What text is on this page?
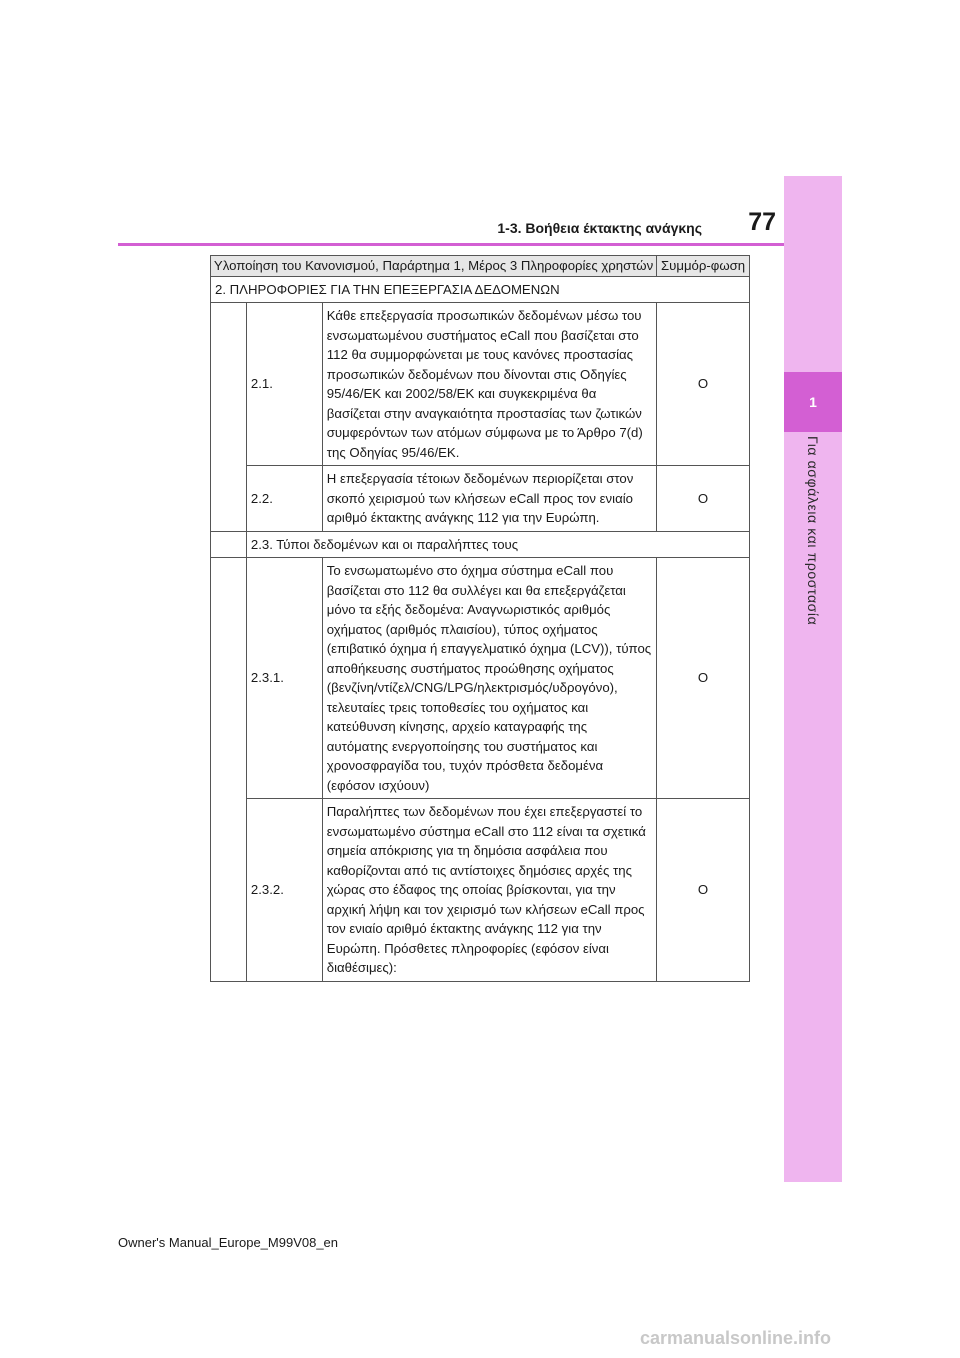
1
Για ασφάλεια και προστασία
77
1-3. Βοήθεια έκτακτης ανάγκης
Υλοποίηση του Κανονισμού, Παράρτημα 1, Μέρος 3 Πληροφορίες χρηστών			Συμμόρ-φωση
2. ΠΛΗΡΟΦΟΡΙΕΣ ΓΙΑ ΤΗΝ ΕΠΕΞΕΡΓΑΣΙΑ ΔΕΔΟΜΕΝΩΝ			
	2.1.	Κάθε επεξεργασία προσωπικών δεδομένων μέσω του ενσωματωμένου συστήματος eCall που βασίζεται στο 112 θα συμμορφώνεται με τους κανόνες προστασίας προσωπικών δεδομένων που δίνονται στις Οδηγίες 95/46/ΕΚ και 2002/58/ΕΚ και συγκεκριμένα θα βασίζεται στην αναγκαιότητα προστασίας των ζωτικών συμφερόντων των ατόμων σύμφωνα με το Άρθρο 7(d) της Οδηγίας 95/46/ΕΚ.	O
	2.2.	Η επεξεργασία τέτοιων δεδομένων περιορίζεται στον σκοπό χειρισμού των κλήσεων eCall προς τον ενιαίο αριθμό έκτακτης ανάγκης 112 για την Ευρώπη.	O
	2.3. Τύποι δεδομένων και οι παραλήπτες τους		
	2.3.1.	Το ενσωματωμένο στο όχημα σύστημα eCall που βασίζεται στο 112 θα συλλέγει και θα επεξεργάζεται μόνο τα εξής δεδομένα: Αναγνωριστικός αριθμός οχήματος (αριθμός πλαισίου), τύπος οχήματος (επιβατικό όχημα ή επαγγελματικό όχημα (LCV)), τύπος αποθήκευσης συστήματος προώθησης οχήματος (βενζίνη/ντίζελ/CNG/LPG/ηλεκτρισμός/υδρογόνο), τελευταίες τρεις τοποθεσίες του οχήματος και κατεύθυνση κίνησης, αρχείο καταγραφής της αυτόματης ενεργοποίησης του συστήματος και χρονοσφραγίδα του, τυχόν πρόσθετα δεδομένα (εφόσον ισχύουν)	O
	2.3.2.	Παραλήπτες των δεδομένων που έχει επεξεργαστεί το ενσωματωμένο σύστημα eCall στο 112 είναι τα σχετικά σημεία απόκρισης για τη δημόσια ασφάλεια που καθορίζονται από τις αντίστοιχες δημόσιες αρχές της χώρας στο έδαφος της οποίας βρίσκονται, για την αρχική λήψη και τον χειρισμό των κλήσεων eCall προς τον ενιαίο αριθμό έκτακτης ανάγκης 112 για την Ευρώπη. Πρόσθετες πληροφορίες (εφόσον είναι διαθέσιμες):	O
Owner's Manual_Europe_M99V08_en
carmanualsonline.info
